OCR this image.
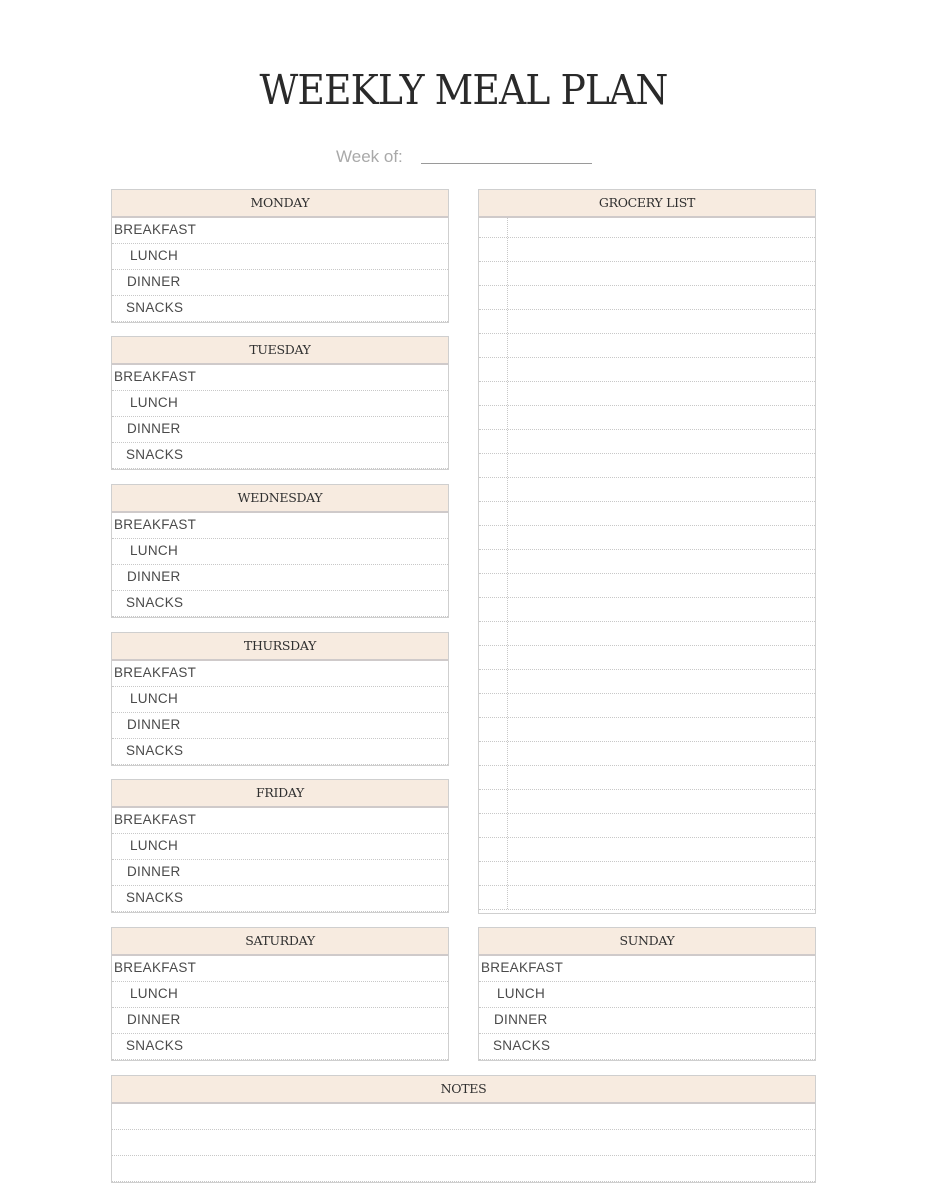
WEEKLY MEAL PLAN
Week of:
MONDAY
BREAKFAST
LUNCH
DINNER
SNACKS
TUESDAY
BREAKFAST
LUNCH
DINNER
SNACKS
WEDNESDAY
BREAKFAST
LUNCH
DINNER
SNACKS
THURSDAY
BREAKFAST
LUNCH
DINNER
SNACKS
FRIDAY
BREAKFAST
LUNCH
DINNER
SNACKS
SATURDAY
BREAKFAST
LUNCH
DINNER
SNACKS
SUNDAY
BREAKFAST
LUNCH
DINNER
SNACKS
GROCERY LIST
NOTES
